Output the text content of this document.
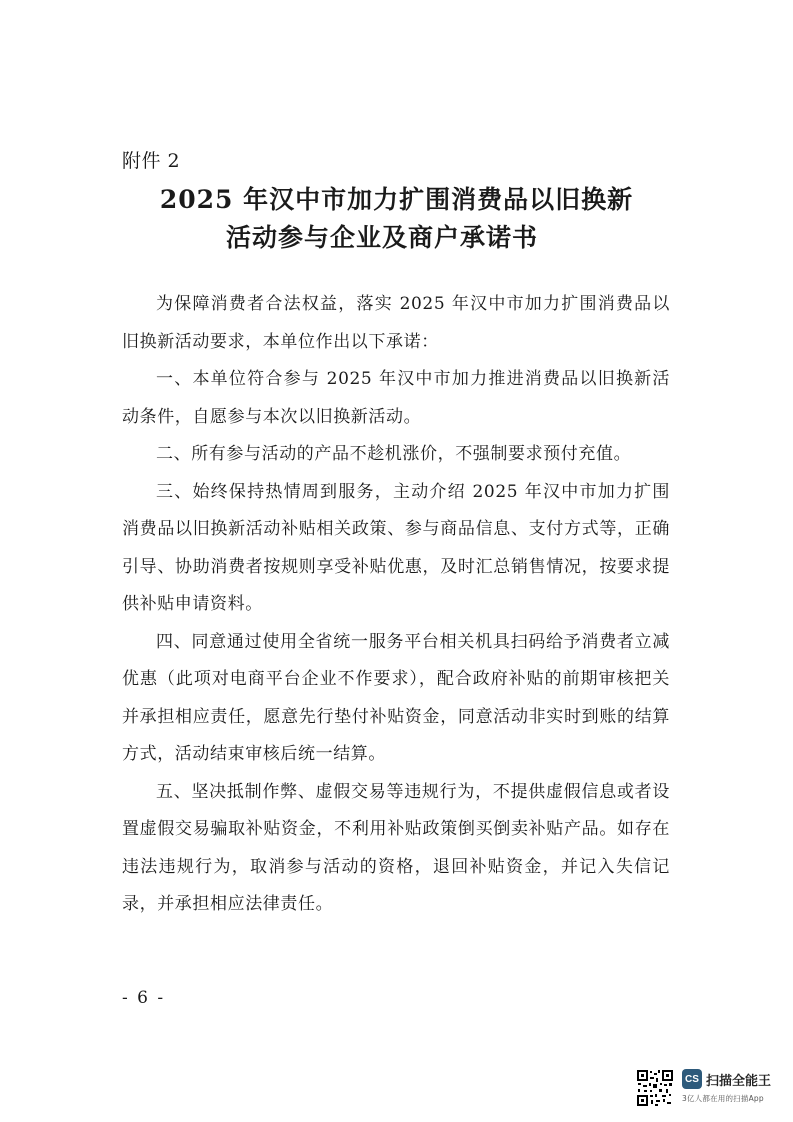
附件 2
2025 年汉中市加力扩围消费品以旧换新
活动参与企业及商户承诺书

为保障消费者合法权益，落实 2025 年汉中市加力扩围消费品以旧换新活动要求，本单位作出以下承诺：

一、本单位符合参与 2025 年汉中市加力推进消费品以旧换新活动条件，自愿参与本次以旧换新活动。

二、所有参与活动的产品不趁机涨价，不强制要求预付充值。

三、始终保持热情周到服务，主动介绍 2025 年汉中市加力扩围消费品以旧换新活动补贴相关政策、参与商品信息、支付方式等，正确引导、协助消费者按规则享受补贴优惠，及时汇总销售情况，按要求提供补贴申请资料。

四、同意通过使用全省统一服务平台相关机具扫码给予消费者立减优惠（此项对电商平台企业不作要求），配合政府补贴的前期审核把关并承担相应责任，愿意先行垫付补贴资金，同意活动非实时到账的结算方式，活动结束审核后统一结算。

五、坚决抵制作弊、虚假交易等违规行为，不提供虚假信息或者设置虚假交易骗取补贴资金，不利用补贴政策倒买倒卖补贴产品。如存在违法违规行为，取消参与活动的资格，退回补贴资金，并记入失信记录，并承担相应法律责任。

- 6 -
CS 扫描全能王
3亿人都在用的扫描App
